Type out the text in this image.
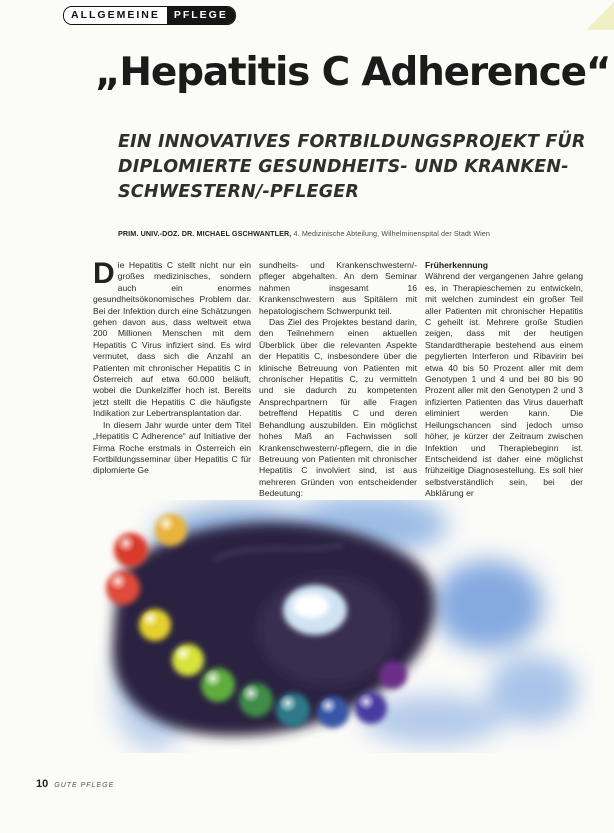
ALLGEMEINE	PFLEGE
„Hepatitis C Adherence“
EIN INNOVATIVES FORTBILDUNGSPROJEKT FÜR
DIPLOMIERTE GESUNDHEITS- UND KRANKEN-
SCHWESTERN/-PFLEGER
PRIM. UNIV.-DOZ. DR. MICHAEL GSCHWANTLER, 4. Medizinische Abteilung, Wilhelminenspital der Stadt Wien

Die Hepatitis C stellt nicht nur ein großes medizinisches, sondern auch ein enormes gesundheitsökonomisches Problem dar. Bei der Infektion durch eine Schätzungen gehen davon aus, dass weltweit etwa 200 Millionen Menschen mit dem Hepatitis C Virus infiziert sind. Es wird vermutet, dass sich die Anzahl an Patienten mit chronischer Hepatitis C in Österreich auf etwa 60.000 beläuft, wobei die Dunkelziffer hoch ist. Bereits jetzt stellt die Hepatitis C die häufigste Indikation zur Lebertransplantation dar.

In diesem Jahr wurde unter dem Titel „Hepatitis C Adherence“ auf Initiative der Firma Roche erstmals in Österreich ein Fortbildungsseminar über Hepatitis C für diplomierte Ge

sundheits- und Krankenschwestern/-pfleger abgehalten. An dem Seminar nahmen insgesamt 16 Krankenschwestern aus Spitälern mit hepatologischem Schwerpunkt teil.

Das Ziel des Projektes bestand darin, den Teilnehmern einen aktuellen Überblick über die relevanten Aspekte der Hepatitis C, insbesondere über die klinische Betreuung von Patienten mit chronischer Hepatitis C, zu vermitteln und sie dadurch zu kompetenten Ansprechpartnern für alle Fragen betreffend Hepatitis C und deren Behandlung auszubilden. Ein möglichst hohes Maß an Fachwissen soll Krankenschwestern/-pflegern, die in die Betreuung von Patienten mit chronischer Hepatitis C involviert sind, ist aus mehreren Gründen von entscheidender Bedeutung:

Früherkennung

Während der vergangenen Jahre gelang es, in Therapieschemen zu entwickeln, mit welchen zumindest ein großer Teil aller Patienten mit chronischer Hepatitis C geheilt ist. Mehrere große Studien zeigen, dass mit der heutigen Standardtherapie bestehend aus einem pegylierten Interferon und Ribavirin bei etwa 40 bis 50 Prozent aller mit dem Genotypen 1 und 4 und bei 80 bis 90 Prozent aller mit den Genotypen 2 und 3 infizierten Patienten das Virus dauerhaft eliminiert werden kann. Die Heilungschancen sind jedoch umso höher, je kürzer der Zeitraum zwischen Infektion und Therapiebeginn ist. Entscheidend ist daher eine möglichst frühzeitige Diagnosestellung. Es soll hier selbstverständlich sein, bei der Abklärung er

10 GUTE PFLEGE
